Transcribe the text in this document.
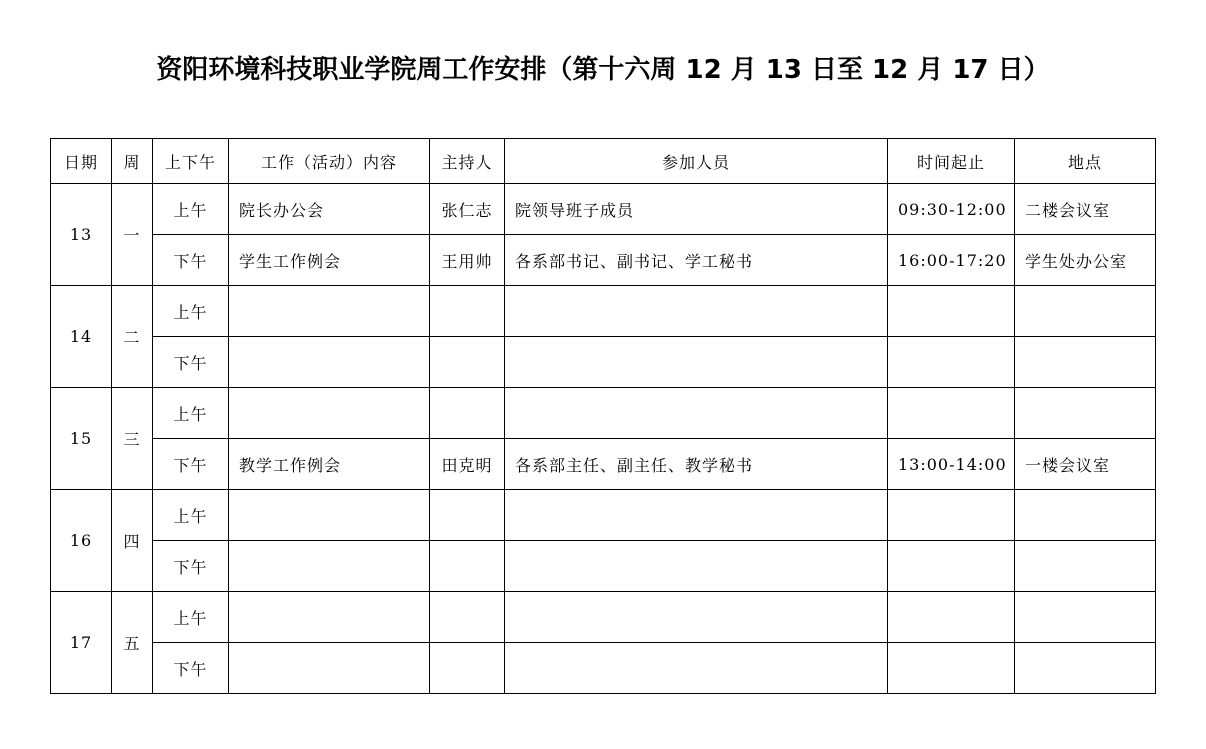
资阳环境科技职业学院周工作安排（第十六周 12 月 13 日至 12 月 17 日）
日期	周	上下午	工作（活动）内容	主持人	参加人员	时间起止	地点
13	一	上午	院长办公会	张仁志	院领导班子成员	09:30-12:00	二楼会议室
		下午	学生工作例会	王用帅	各系部书记、副书记、学工秘书	16:00-17:20	学生处办公室
14	二	上午					
		下午					
15	三	上午					
		下午	教学工作例会	田克明	各系部主任、副主任、教学秘书	13:00-14:00	一楼会议室
16	四	上午					
		下午					
17	五	上午					
		下午					
